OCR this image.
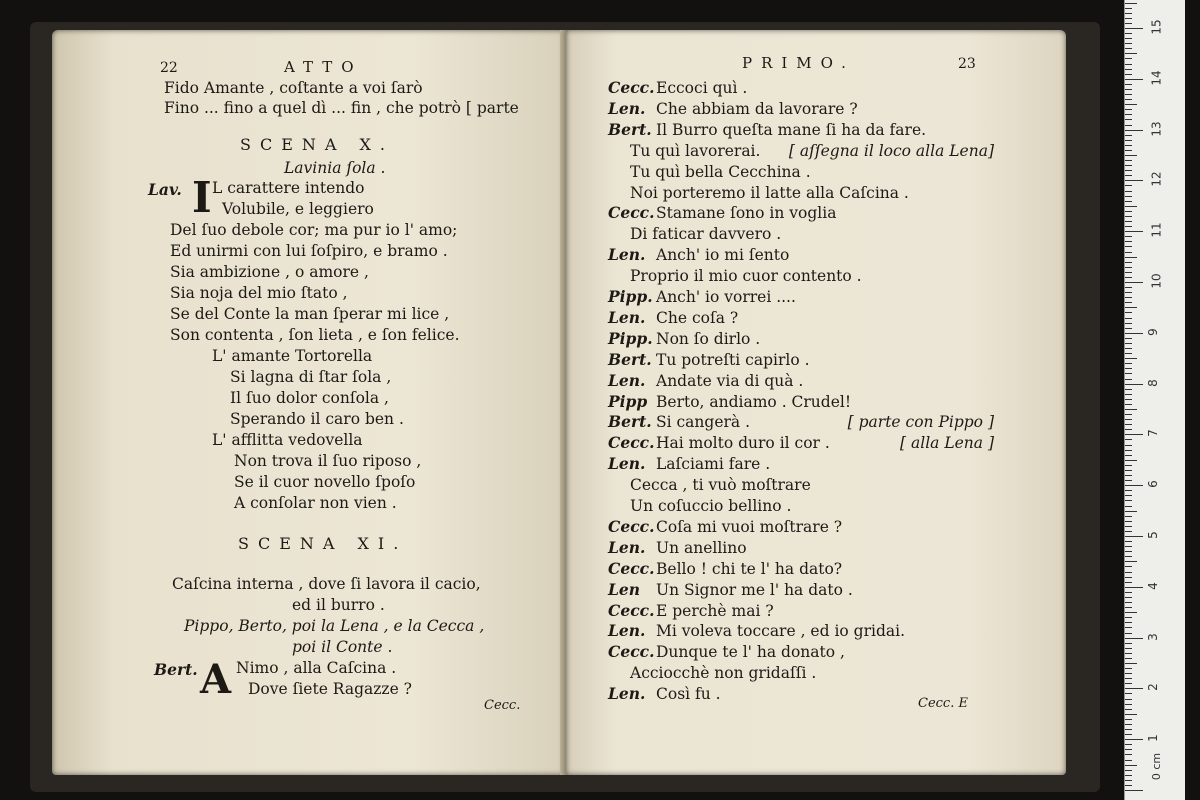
22	ATTO
Fido Amante , coſtante a voi ſarò
Fino ... fino a quel dì ... fin , che potrò [ parte
SCENA X.
Lavinia ſola .
Lav. I L carattere intendo
Volubile, e leggiero
Del ſuo debole cor; ma pur io l' amo;
Ed unirmi con lui ſoſpiro, e bramo .
Sia ambizione , o amore ,
Sia noja del mio ſtato ,
Se del Conte la man ſperar mi lice ,
Son contenta , ſon lieta , e ſon felice.
L' amante Tortorella
Si lagna di ſtar ſola ,
Il ſuo dolor conſola ,
Sperando il caro ben .
L' afflitta vedovella
Non trova il ſuo riposo ,
Se il cuor novello ſpoſo
A conſolar non vien .
SCENA XI.
Caſcina interna , dove ſi lavora il cacio,
ed il burro .
Pippo, Berto, poi la Lena , e la Cecca ,
poi il Conte .
Bert. A Nimo , alla Caſcina .
Dove ſiete Ragazze ?
Cecc.
PRIMO.	23
Cecc. Eccoci quì .
Len. Che abbiam da lavorare ?
Bert. Il Burro queſta mane ſi ha da fare.
Tu quì lavorerai. [ aſſegna il loco alla Lena]
Tu quì bella Cecchina .
Noi porteremo il latte alla Caſcina .
Cecc. Stamane ſono in voglia
Di faticar davvero .
Len. Anch' io mi ſento
Proprio il mio cuor contento .
Pipp. Anch' io vorrei ....
Len. Che coſa ?
Pipp. Non ſo dirlo .
Bert. Tu potreſti capirlo .
Len. Andate via di quà .
Pipp Berto, andiamo . Crudel!
Bert. Si cangerà .	[ parte con Pippo ]
Cecc. Hai molto duro il cor .	[ alla Lena ]
Len. Laſciami fare .
Cecca , ti vuò moſtrare
Un coſuccio bellino .
Cecc. Coſa mi vuoi moſtrare ?
Len. Un anellino
Cecc. Bello ! chi te l' ha dato?
Len Un Signor me l' ha dato .
Cecc. E perchè mai ?
Len. Mi voleva toccare , ed io gridai.
Cecc. Dunque te l' ha donato ,
Acciocchè non gridaſſi .
Len. Così fu .
Cecc. E
15
14
13
12
11
10
9
8
7
6
5
4
3
2
1
0 cm
